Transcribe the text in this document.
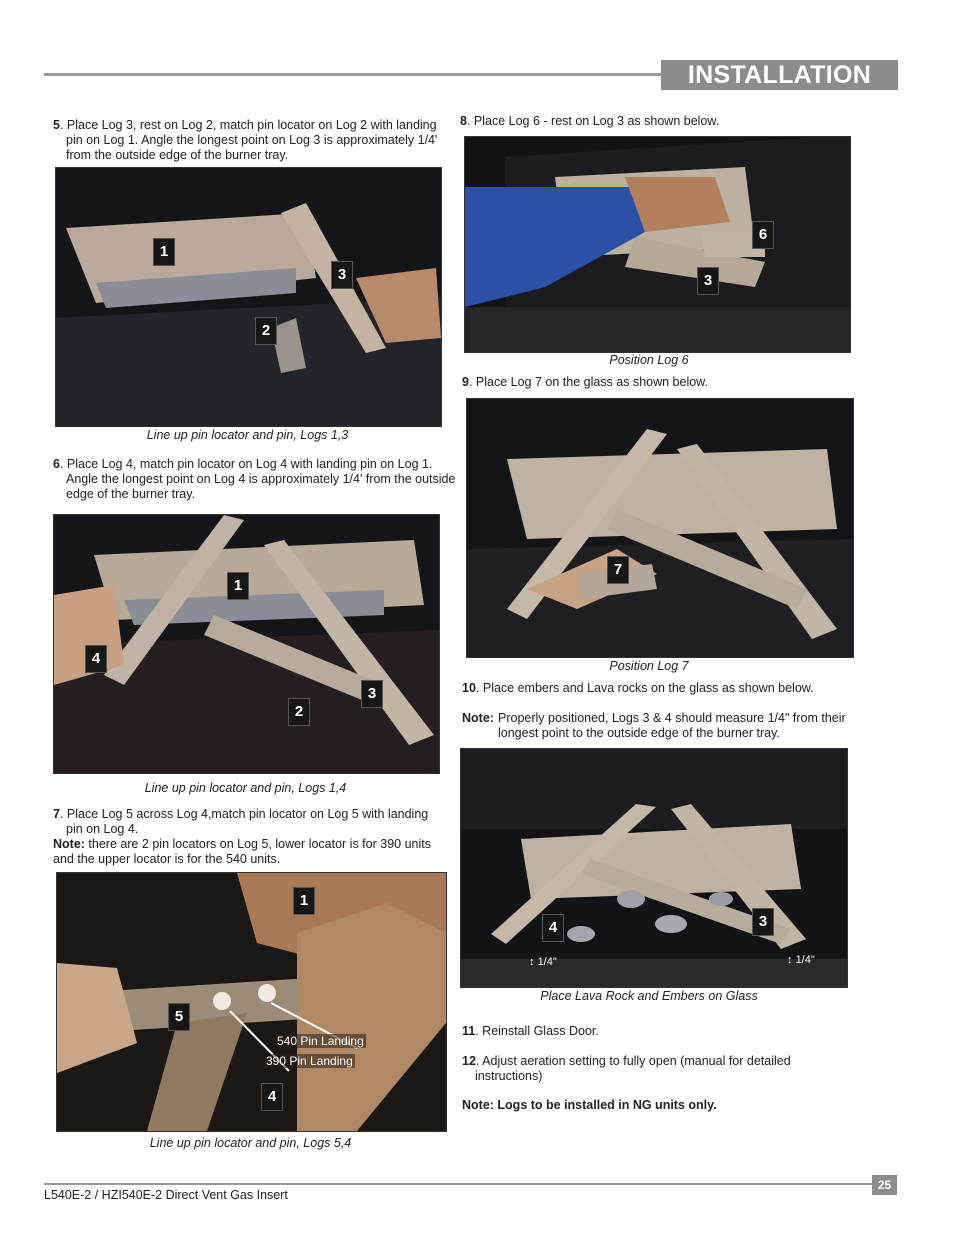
INSTALLATION
5. Place Log 3, rest on Log 2, match pin locator on Log 2 with landing pin on Log 1. Angle the longest point on Log 3 is approximately 1/4' from the outside edge of the burner tray.
1
3
2
Line up pin locator and pin, Logs 1,3
6. Place Log 4, match pin locator on Log 4 with landing pin on Log 1. Angle the longest point on Log 4 is approximately 1/4' from the outside edge of the burner tray.
1
4
3
2
Line up pin locator and pin, Logs 1,4
7. Place Log 5 across Log 4,match pin locator on Log 5 with landing pin on Log 4.
Note: there are 2 pin locators on Log 5, lower locator is for 390 units and the upper locator is for the 540 units.
1
5
4
540 Pin Landing
390 Pin Landing
Line up pin locator and pin, Logs 5,4
8. Place Log 6 - rest on Log 3 as shown below.
6
3
Position Log 6
9. Place Log 7 on the glass as shown below.
7
Position Log 7
10. Place embers and Lava rocks on the glass as shown below.
Note: Properly positioned, Logs 3 & 4 should measure 1/4" from their longest point to the outside edge of the burner tray.
4	3
↕ 1/4"	↕ 1/4"
Place Lava Rock and Embers on Glass
11. Reinstall Glass Door.
12. Adjust aeration setting to fully open (manual for detailed instructions)
Note: Logs to be installed in NG units only.
25
L540E-2 / HZI540E-2 Direct Vent Gas Insert
